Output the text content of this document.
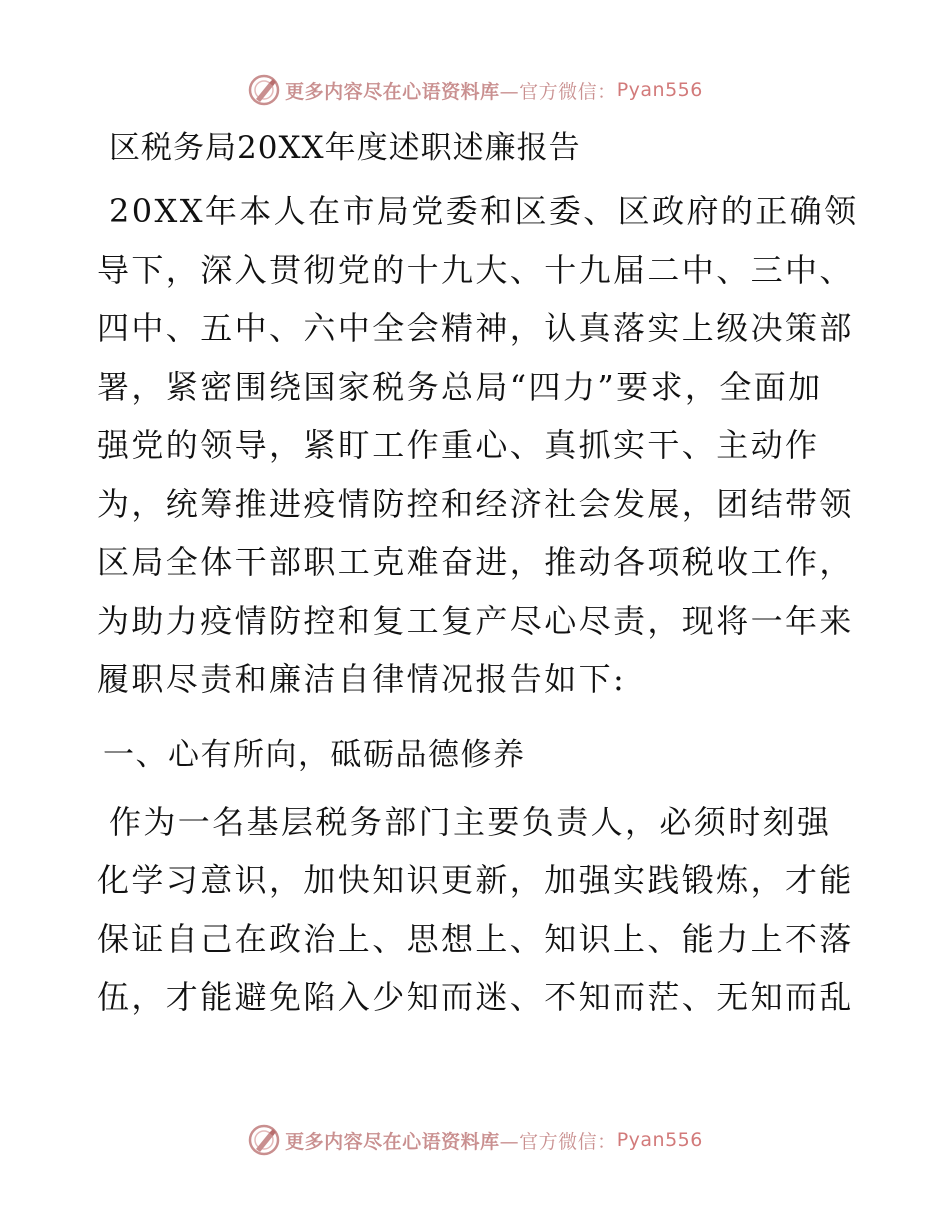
更多内容尽在心语资料库 —官方微信： Pyan556
区税务局20XX年度述职述廉报告

20XX年本人在市局党委和区委、区政府的正确领
导下，深入贯彻党的十九大、十九届二中、三中、
四中、五中、六中全会精神，认真落实上级决策部
署，紧密围绕国家税务总局“四力”要求，全面加
强党的领导，紧盯工作重心、真抓实干、主动作
为，统筹推进疫情防控和经济社会发展，团结带领
区局全体干部职工克难奋进，推动各项税收工作，
为助力疫情防控和复工复产尽心尽责，现将一年来
履职尽责和廉洁自律情况报告如下:

一、心有所向，砥砺品德修养

作为一名基层税务部门主要负责人，必须时刻强
化学习意识，加快知识更新，加强实践锻炼，才能
保证自己在政治上、思想上、知识上、能力上不落
伍，才能避免陷入少知而迷、不知而茫、无知而乱

更多内容尽在心语资料库 —官方微信： Pyan556
